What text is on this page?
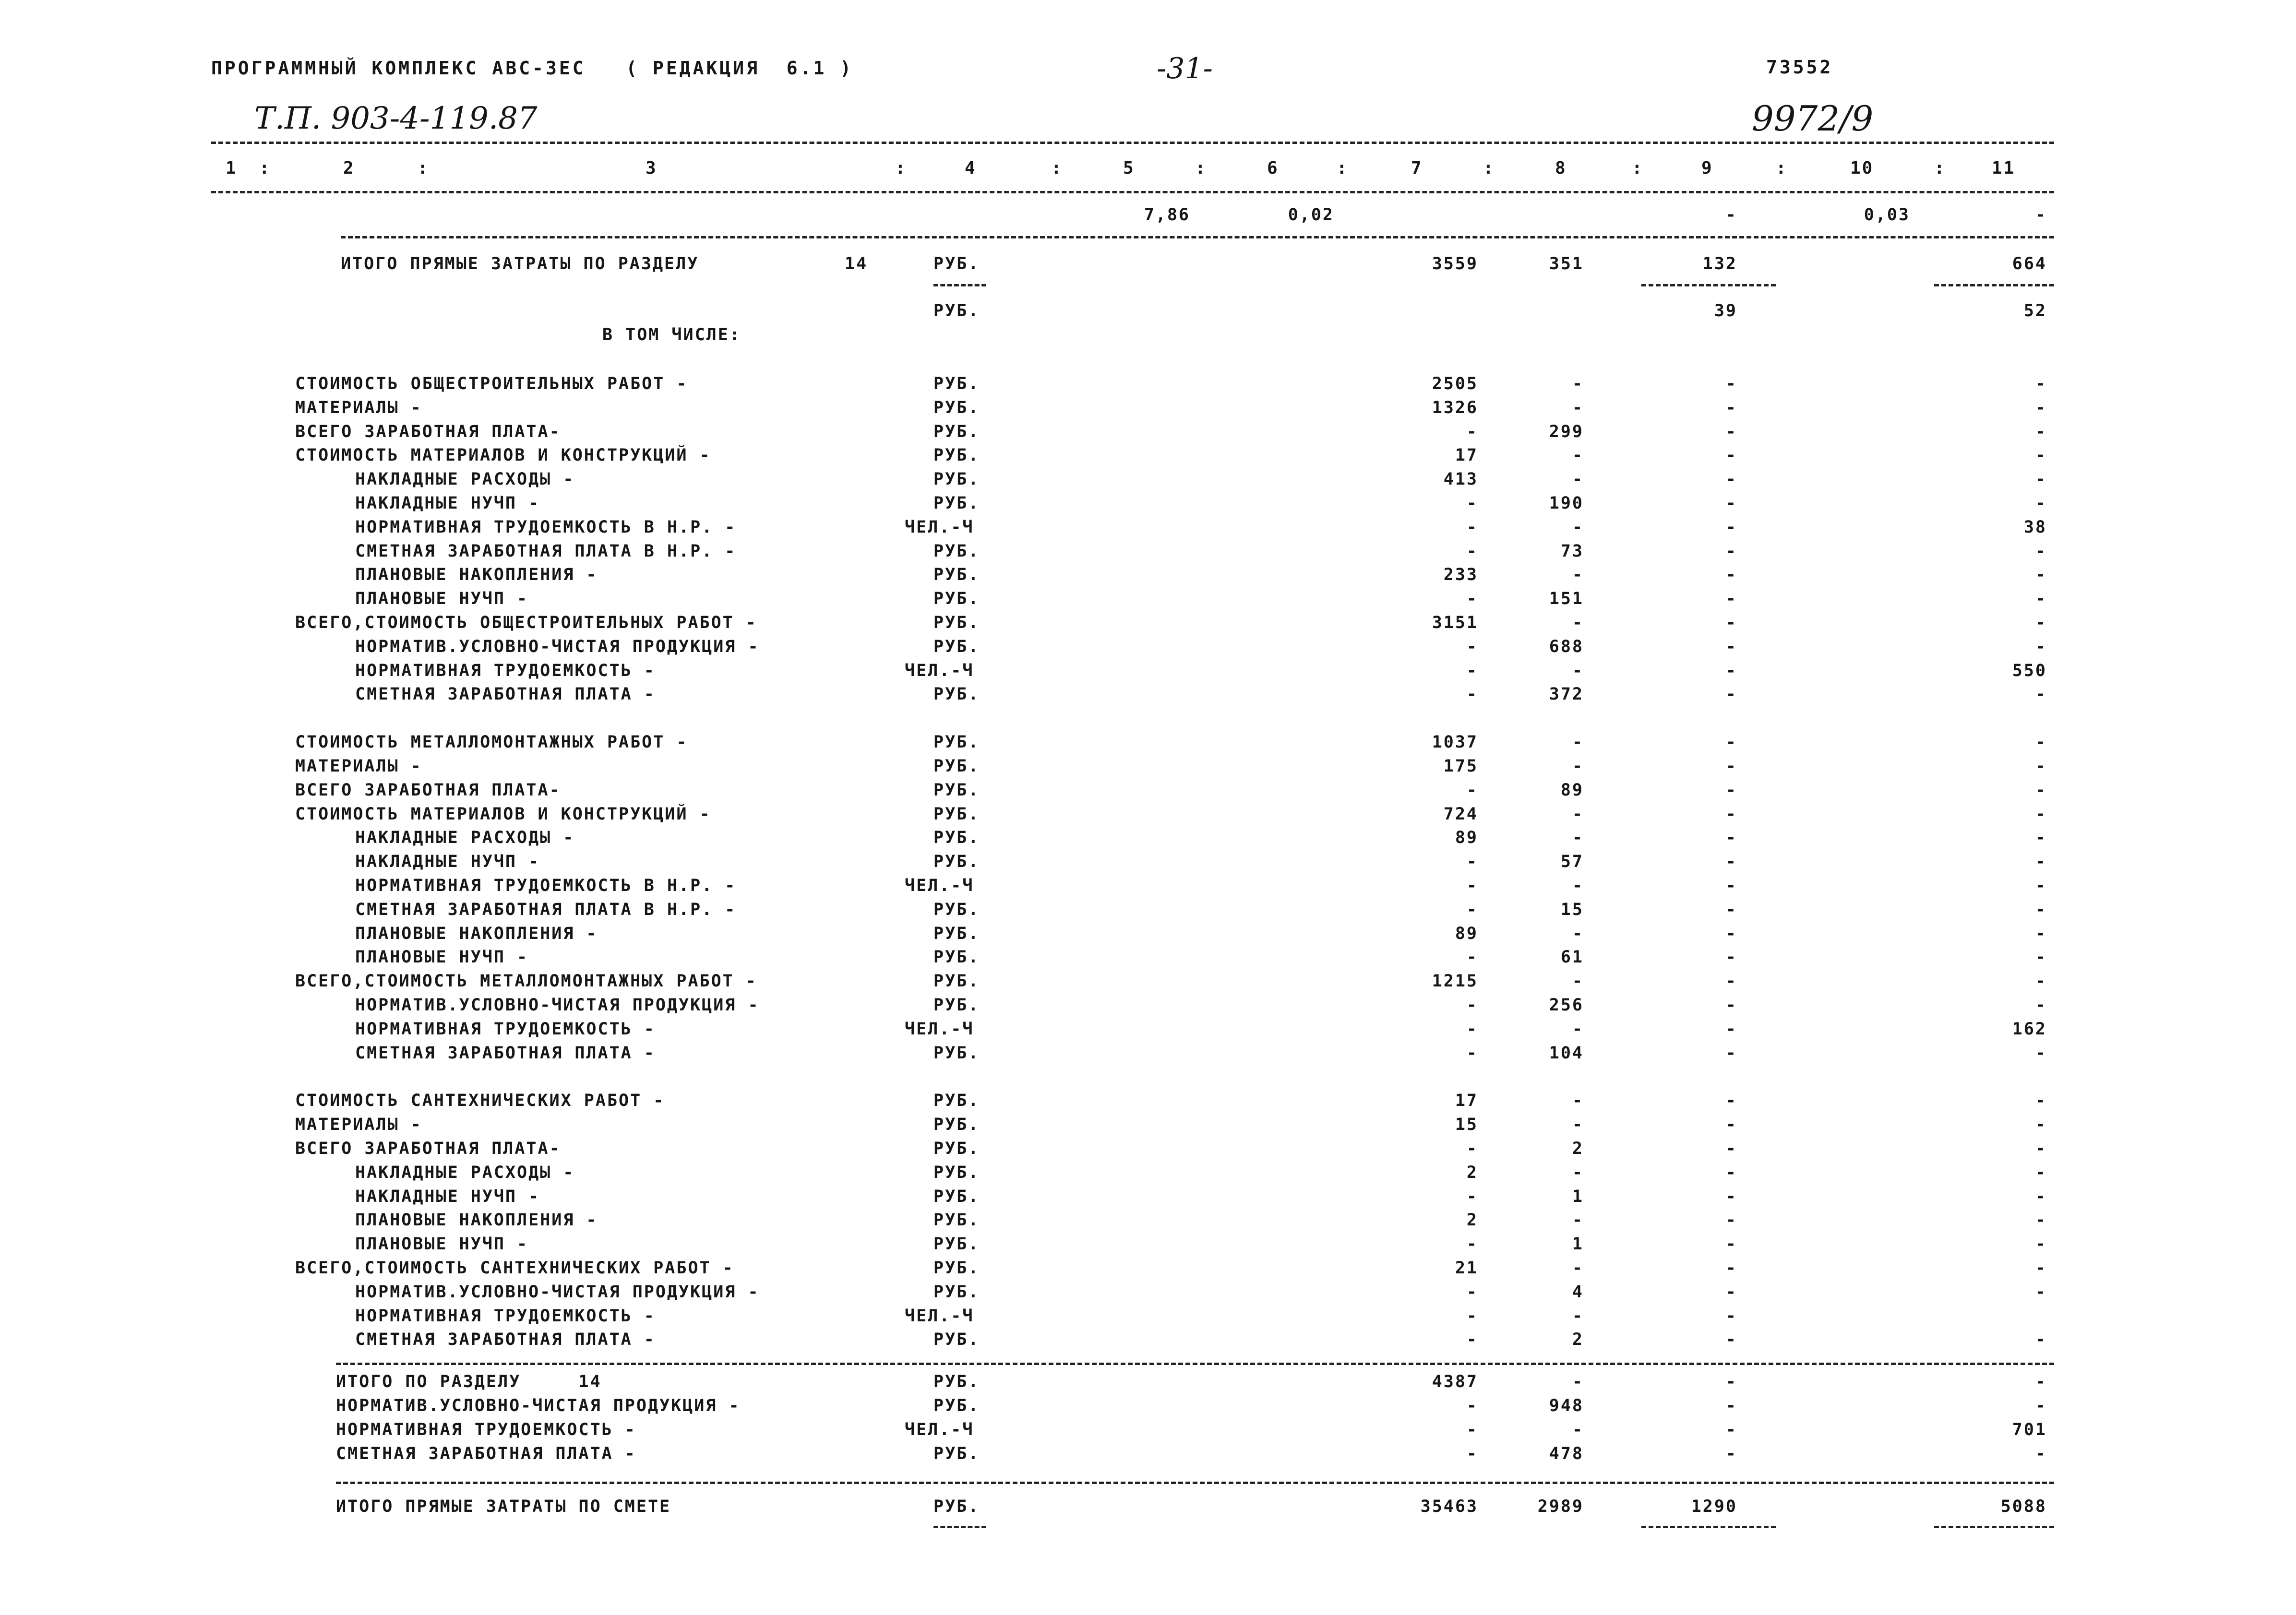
ПРОГРАММНЫЙ КОМПЛЕКС АВС-ЗЕС   ( РЕДАКЦИЯ  6.1 )	-31-	73552
Т.П. 903-4-119.87	9972/9
1	2	3	4	5	6	7	8	9	10	11
:	:	:	:	:	:	:	:	:	:
7,86	0,02	-	0,03	-
ИТОГО ПРЯМЫЕ ЗАТРАТЫ ПО РАЗДЕЛУ	14	РУБ.	3559	351	132	664
РУБ.	39	52
В ТОМ ЧИСЛЕ:
СТОИМОСТЬ ОБЩЕСТРОИТЕЛЬНЫХ РАБОТ -	РУБ.	2505	-	-	-
МАТЕРИАЛЫ -	РУБ.	1326	-	-	-
ВСЕГО ЗАРАБОТНАЯ ПЛАТА-	РУБ.	-	299	-	-
СТОИМОСТЬ МАТЕРИАЛОВ И КОНСТРУКЦИЙ -	РУБ.	17	-	-	-
НАКЛАДНЫЕ РАСХОДЫ -	РУБ.	413	-	-	-
НАКЛАДНЫЕ НУЧП -	РУБ.	-	190	-	-
НОРМАТИВНАЯ ТРУДОЕМКОСТЬ В Н.Р. -	ЧЕЛ.-Ч	-	-	-	38
СМЕТНАЯ ЗАРАБОТНАЯ ПЛАТА В Н.Р. -	РУБ.	-	73	-	-
ПЛАНОВЫЕ НАКОПЛЕНИЯ -	РУБ.	233	-	-	-
ПЛАНОВЫЕ НУЧП -	РУБ.	-	151	-	-
ВСЕГО,СТОИМОСТЬ ОБЩЕСТРОИТЕЛЬНЫХ РАБОТ -	РУБ.	3151	-	-	-
НОРМАТИВ.УСЛОВНО-ЧИСТАЯ ПРОДУКЦИЯ -	РУБ.	-	688	-	-
НОРМАТИВНАЯ ТРУДОЕМКОСТЬ -	ЧЕЛ.-Ч	-	-	-	550
СМЕТНАЯ ЗАРАБОТНАЯ ПЛАТА -	РУБ.	-	372	-	-
СТОИМОСТЬ МЕТАЛЛОМОНТАЖНЫХ РАБОТ -	РУБ.	1037	-	-	-
МАТЕРИАЛЫ -	РУБ.	175	-	-	-
ВСЕГО ЗАРАБОТНАЯ ПЛАТА-	РУБ.	-	89	-	-
СТОИМОСТЬ МАТЕРИАЛОВ И КОНСТРУКЦИЙ -	РУБ.	724	-	-	-
НАКЛАДНЫЕ РАСХОДЫ -	РУБ.	89	-	-	-
НАКЛАДНЫЕ НУЧП -	РУБ.	-	57	-	-
НОРМАТИВНАЯ ТРУДОЕМКОСТЬ В Н.Р. -	ЧЕЛ.-Ч	-	-	-	-
СМЕТНАЯ ЗАРАБОТНАЯ ПЛАТА В Н.Р. -	РУБ.	-	15	-	-
ПЛАНОВЫЕ НАКОПЛЕНИЯ -	РУБ.	89	-	-	-
ПЛАНОВЫЕ НУЧП -	РУБ.	-	61	-	-
ВСЕГО,СТОИМОСТЬ МЕТАЛЛОМОНТАЖНЫХ РАБОТ -	РУБ.	1215	-	-	-
НОРМАТИВ.УСЛОВНО-ЧИСТАЯ ПРОДУКЦИЯ -	РУБ.	-	256	-	-
НОРМАТИВНАЯ ТРУДОЕМКОСТЬ -	ЧЕЛ.-Ч	-	-	-	162
СМЕТНАЯ ЗАРАБОТНАЯ ПЛАТА -	РУБ.	-	104	-	-
СТОИМОСТЬ САНТЕХНИЧЕСКИХ РАБОТ -	РУБ.	17	-	-	-
МАТЕРИАЛЫ -	РУБ.	15	-	-	-
ВСЕГО ЗАРАБОТНАЯ ПЛАТА-	РУБ.	-	2	-	-
НАКЛАДНЫЕ РАСХОДЫ -	РУБ.	2	-	-	-
НАКЛАДНЫЕ НУЧП -	РУБ.	-	1	-	-
ПЛАНОВЫЕ НАКОПЛЕНИЯ -	РУБ.	2	-	-	-
ПЛАНОВЫЕ НУЧП -	РУБ.	-	1	-	-
ВСЕГО,СТОИМОСТЬ САНТЕХНИЧЕСКИХ РАБОТ -	РУБ.	21	-	-	-
НОРМАТИВ.УСЛОВНО-ЧИСТАЯ ПРОДУКЦИЯ -	РУБ.	-	4	-	-
НОРМАТИВНАЯ ТРУДОЕМКОСТЬ -	ЧЕЛ.-Ч	-	-	-
СМЕТНАЯ ЗАРАБОТНАЯ ПЛАТА -	РУБ.	-	2	-	-
ИТОГО ПО РАЗДЕЛУ     14	РУБ.	4387	-	-	-
НОРМАТИВ.УСЛОВНО-ЧИСТАЯ ПРОДУКЦИЯ -	РУБ.	-	948	-	-
НОРМАТИВНАЯ ТРУДОЕМКОСТЬ -	ЧЕЛ.-Ч	-	-	-	701
СМЕТНАЯ ЗАРАБОТНАЯ ПЛАТА -	РУБ.	-	478	-	-
ИТОГО ПРЯМЫЕ ЗАТРАТЫ ПО СМЕТЕ	РУБ.	35463	2989	1290	5088
